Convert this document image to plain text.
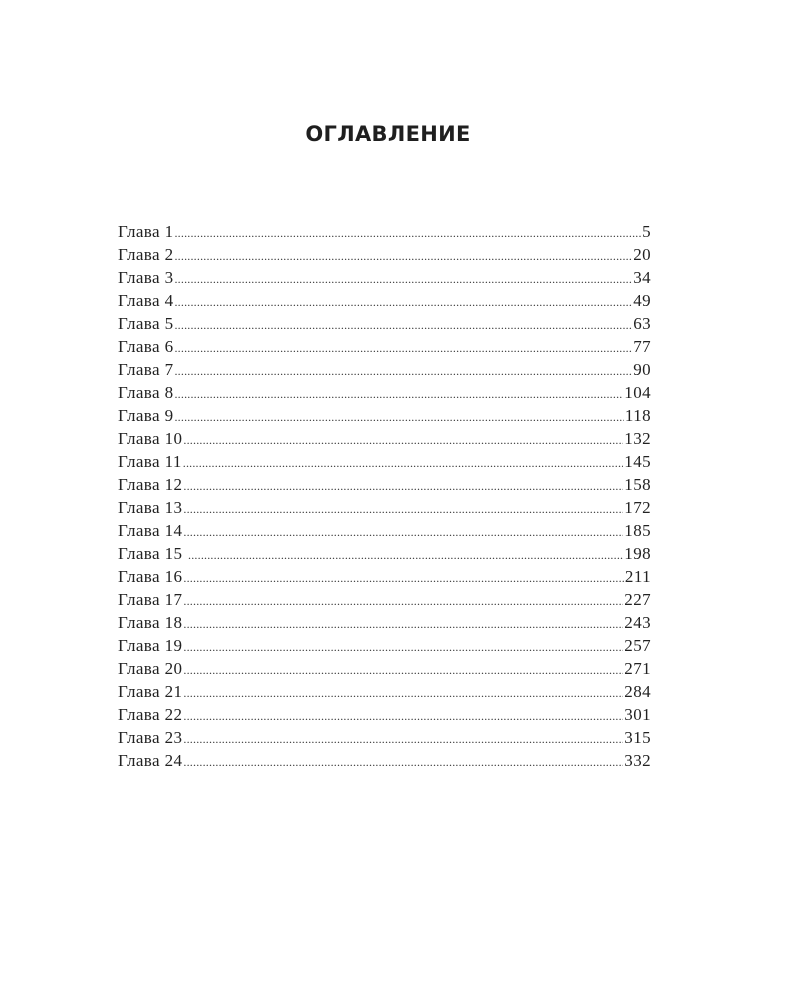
ОГЛАВЛЕНИЕ
Глава 1 .....	5
Глава 2 .....	20
Глава 3 .....	34
Глава 4 .....	49
Глава 5 .....	63
Глава 6 .....	77
Глава 7 .....	90
Глава 8 .....	104
Глава 9 .....	118
Глава 10 .....	132
Глава 11 .....	145
Глава 12 .....	158
Глава 13 .....	172
Глава 14 .....	185
Глава 15 .....	198
Глава 16 .....	211
Глава 17 .....	227
Глава 18 .....	243
Глава 19 .....	257
Глава 20 .....	271
Глава 21 .....	284
Глава 22 .....	301
Глава 23 .....	315
Глава 24 .....	332
